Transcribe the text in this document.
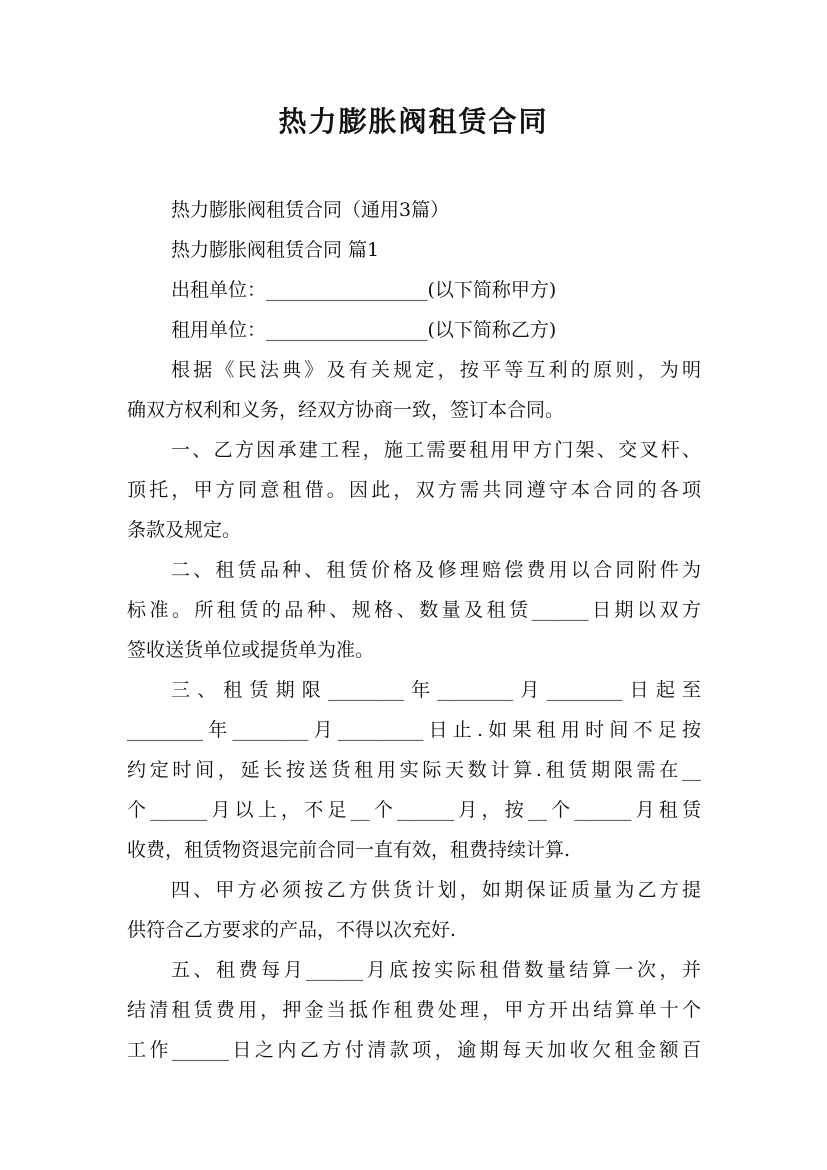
热力膨胀阀租赁合同
热力膨胀阀租赁合同（通用3篇）
热力膨胀阀租赁合同 篇1
出租单位：_________________(以下简称甲方)
租用单位：_________________(以下简称乙方)
根据《民法典》及有关规定，按平等互利的原则，为明
确双方权利和义务，经双方协商一致，签订本合同。
一、乙方因承建工程，施工需要租用甲方门架、交叉杆、
顶托，甲方同意租借。因此，双方需共同遵守本合同的各项
条款及规定。
二、租赁品种、租赁价格及修理赔偿费用以合同附件为
标准。所租赁的品种、规格、数量及租赁______日期以双方
签收送货单位或提货单为准。
三、租赁期限________年________月________日起至
________年________月_________日止.如果租用时间不足按
约定时间，延长按送货租用实际天数计算.租赁期限需在__
个______月以上，不足__个______月，按__个______月租赁
收费，租赁物资退完前合同一直有效，租费持续计算.
四、甲方必须按乙方供货计划，如期保证质量为乙方提
供符合乙方要求的产品，不得以次充好.
五、租费每月______月底按实际租借数量结算一次，并
结清租赁费用，押金当抵作租费处理，甲方开出结算单十个
工作______日之内乙方付清款项，逾期每天加收欠租金额百
